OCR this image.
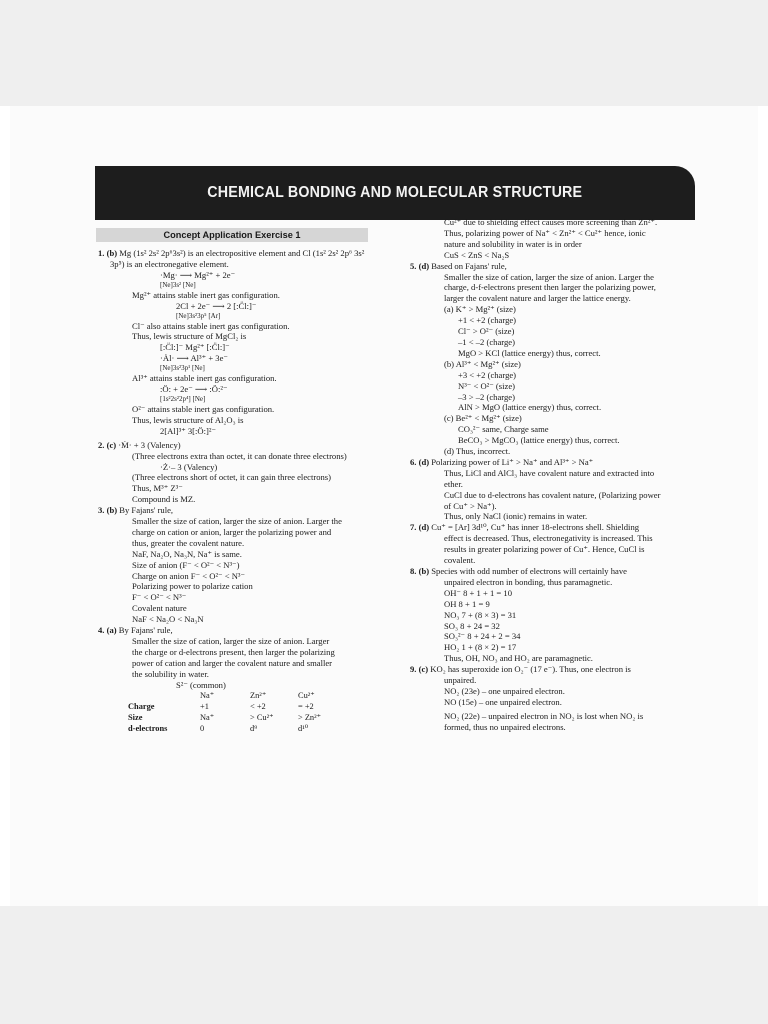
CHEMICAL BONDING AND MOLECULAR STRUCTURE
Concept Application Exercise 1
1. (b) Mg (1s² 2s² 2p⁶3s²) is an electropositive element and Cl (1s² 2s² 2p⁶ 3s² 3p⁵) is an electronegative element.
·Mg· ⟶ Mg²⁺ + 2e⁻
[Ne]3s² [Ne]
Mg²⁺ attains stable inert gas configuration.
2Cl + 2e⁻ ⟶ 2 [:C̈l:]⁻
[Ne]3s²3p⁵ [Ar]
Cl⁻ also attains stable inert gas configuration.
Thus, lewis structure of MgCl₂ is
[:C̈l:]⁻ Mg²⁺ [:C̈l:]⁻
·Ȧl· ⟶ Al³⁺ + 3e⁻
[Ne]3s²3p¹ [Ne]
Al³⁺ attains stable inert gas configuration.
:Ö: + 2e⁻ ⟶ :Ö:²⁻
[1s²2s²2p⁴] [Ne]
O²⁻ attains stable inert gas configuration.
Thus, lewis structure of Al₂O₃ is
2[Al]³⁺ 3[:Ö:]²⁻
2. (c) ·Ṁ· + 3 (Valency)
(Three electrons extra than octet, it can donate three electrons)
·Ż·– 3 (Valency)
(Three electrons short of octet, it can gain three electrons)
Thus, M³⁺ Z³⁻
Compound is MZ.
3. (b) By Fajans' rule,
Smaller the size of cation, larger the size of anion. Larger the
charge on cation or anion, larger the polarizing power and
thus, greater the covalent nature.
NaF, Na₂O, Na₃N, Na⁺ is same.
Size of anion (F⁻ < O²⁻ < N³⁻)
Charge on anion F⁻ < O²⁻ < N³⁻
Polarizing power to polarize cation
F⁻ < O²⁻ < N³⁻
Covalent nature
NaF < Na₂O < Na₃N
4. (a) By Fajans' rule,
Smaller the size of cation, larger the size of anion. Larger
the charge or d-electrons present, then larger the polarizing
power of cation and larger the covalent nature and smaller
the solubility in water.
S²⁻ (common)
	Na⁺	Zn²⁺	Cu²⁺
Charge	+1	< +2	= +2
Size	Na⁺	> Cu²⁺	> Zn²⁺
d-electrons	0	d⁹	d¹⁰
Cu²⁺ due to shielding effect causes more screening than Zn²⁺.
Thus, polarizing power of Na⁺ < Zn²⁺ < Cu²⁺ hence, ionic
nature and solubility in water is in order
CuS < ZnS < Na₂S
5. (d) Based on Fajans' rule,
Smaller the size of cation, larger the size of anion. Larger the
charge, d-f-electrons present then larger the polarizing power,
larger the covalent nature and larger the lattice energy.
(a) K⁺ > Mg²⁺ (size)
+1 < +2 (charge)
Cl⁻ > O²⁻ (size)
–1 < –2 (charge)
MgO > KCl (lattice energy) thus, correct.
(b) Al³⁺ < Mg²⁺ (size)
+3 < +2 (charge)
N³⁻ < O²⁻ (size)
–3 > –2 (charge)
AlN > MgO (lattice energy) thus, correct.
(c) Be²⁺ < Mg²⁺ (size)
CO₃²⁻ same, Charge same
BeCO₃ > MgCO₃ (lattice energy) thus, correct.
(d) Thus, incorrect.
6. (d) Polarizing power of Li⁺ > Na⁺ and Al³⁺ > Na⁺
Thus, LiCl and AlCl₃ have covalent nature and extracted into
ether.
CuCl due to d-electrons has covalent nature, (Polarizing power
of Cu⁺ > Na⁺).
Thus, only NaCl (ionic) remains in water.
7. (d) Cu⁺ = [Ar] 3d¹⁰, Cu⁺ has inner 18-electrons shell. Shielding
effect is decreased. Thus, electronegativity is increased. This
results in greater polarizing power of Cu⁺. Hence, CuCl is
covalent.
8. (b) Species with odd number of electrons will certainly have
unpaired electron in bonding, thus paramagnetic.
OH⁻ 8 + 1 + 1 = 10
OH 8 + 1 = 9
NO₃ 7 + (8 × 3) = 31
SO₃ 8 + 24 = 32
SO₃²⁻ 8 + 24 + 2 = 34
HO₂ 1 + (8 × 2) = 17
Thus, OH, NO₃ and HO₂ are paramagnetic.
9. (c) KO₂ has superoxide ion O₂⁻ (17 e⁻). Thus, one electron is
unpaired.
NO₂ (23e) – one unpaired electron.
NO (15e) – one unpaired electron.
NO₂ (22e) – unpaired electron in NO₂ is lost when NO₂ is
formed, thus no unpaired electrons.
